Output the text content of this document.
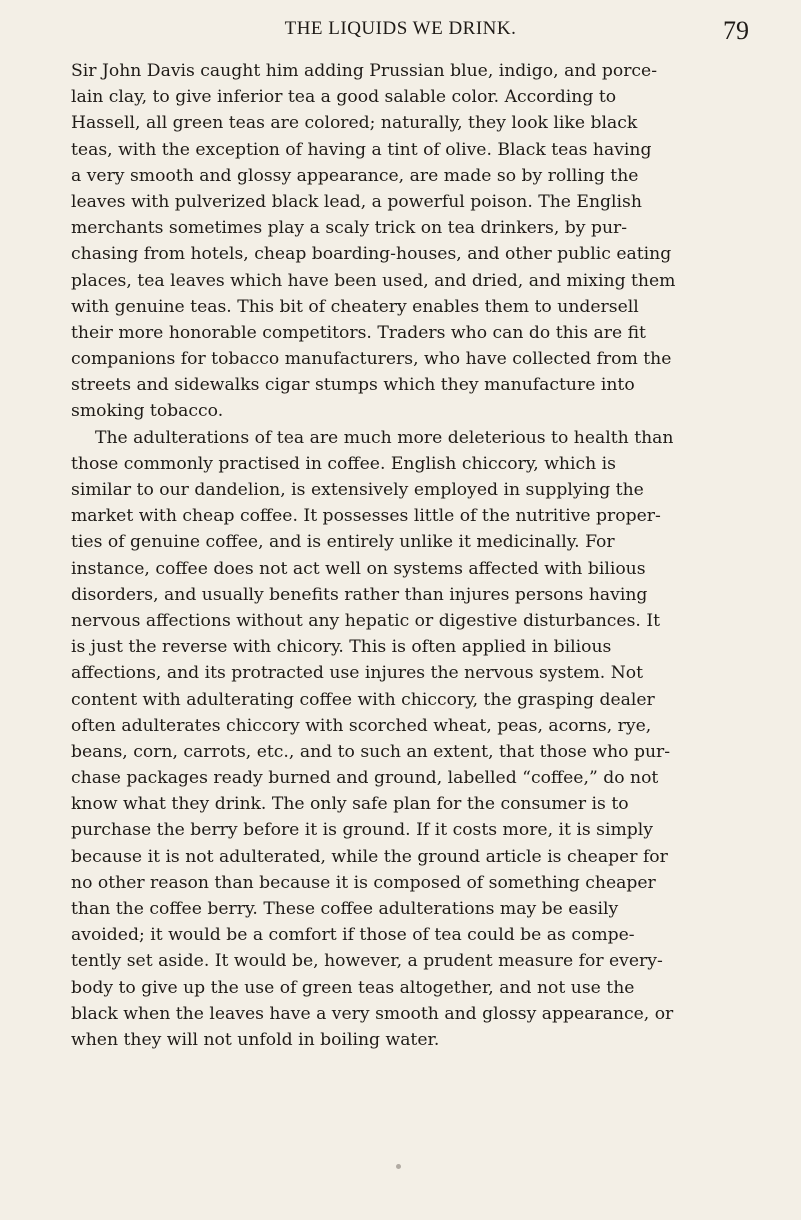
THE LIQUIDS WE DRINK.	79
Sir John Davis caught him adding Prussian blue, indigo, and porce-
lain clay, to give inferior tea a good salable color. According to
Hassell, all green teas are colored; naturally, they look like black
teas, with the exception of having a tint of olive. Black teas having
a very smooth and glossy appearance, are made so by rolling the
leaves with pulverized black lead, a powerful poison. The English
merchants sometimes play a scaly trick on tea drinkers, by pur-
chasing from hotels, cheap boarding-houses, and other public eating
places, tea leaves which have been used, and dried, and mixing them
with genuine teas. This bit of cheatery enables them to undersell
their more honorable competitors. Traders who can do this are fit
companions for tobacco manufacturers, who have collected from the
streets and sidewalks cigar stumps which they manufacture into
smoking tobacco.
The adulterations of tea are much more deleterious to health than
those commonly practised in coffee. English chiccory, which is
similar to our dandelion, is extensively employed in supplying the
market with cheap coffee. It possesses little of the nutritive proper-
ties of genuine coffee, and is entirely unlike it medicinally. For
instance, coffee does not act well on systems affected with bilious
disorders, and usually benefits rather than injures persons having
nervous affections without any hepatic or digestive disturbances. It
is just the reverse with chicory. This is often applied in bilious
affections, and its protracted use injures the nervous system. Not
content with adulterating coffee with chiccory, the grasping dealer
often adulterates chiccory with scorched wheat, peas, acorns, rye,
beans, corn, carrots, etc., and to such an extent, that those who pur-
chase packages ready burned and ground, labelled “coffee,” do not
know what they drink. The only safe plan for the consumer is to
purchase the berry before it is ground. If it costs more, it is simply
because it is not adulterated, while the ground article is cheaper for
no other reason than because it is composed of something cheaper
than the coffee berry. These coffee adulterations may be easily
avoided; it would be a comfort if those of tea could be as compe-
tently set aside. It would be, however, a prudent measure for every-
body to give up the use of green teas altogether, and not use the
black when the leaves have a very smooth and glossy appearance, or
when they will not unfold in boiling water.
